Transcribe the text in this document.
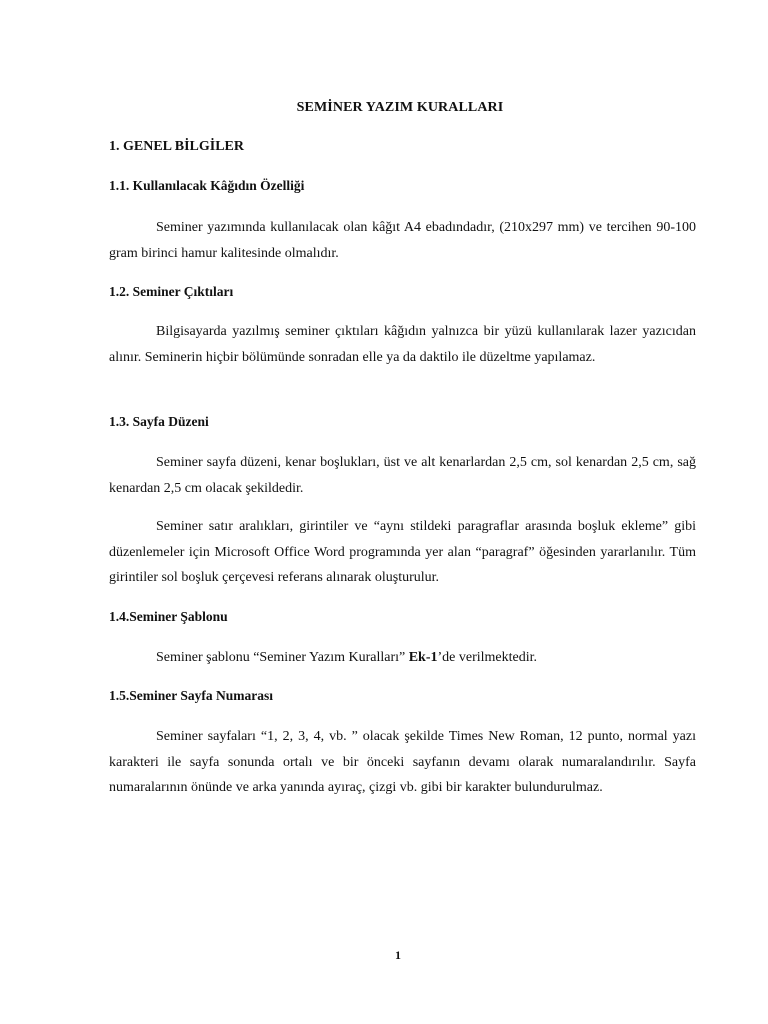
SEMİNER YAZIM KURALLARI
1. GENEL BİLGİLER
1.1. Kullanılacak Kâğıdın Özelliği
Seminer yazımında kullanılacak olan kâğıt A4 ebadındadır, (210x297 mm) ve tercihen 90-100 gram birinci hamur kalitesinde olmalıdır.
1.2. Seminer Çıktıları
Bilgisayarda yazılmış seminer çıktıları kâğıdın yalnızca bir yüzü kullanılarak lazer yazıcıdan alınır. Seminerin hiçbir bölümünde sonradan elle ya da daktilo ile düzeltme yapılamaz.
1.3. Sayfa Düzeni
Seminer sayfa düzeni, kenar boşlukları, üst ve alt kenarlardan 2,5 cm, sol kenardan 2,5 cm, sağ kenardan 2,5 cm olacak şekildedir.
Seminer satır aralıkları, girintiler ve “aynı stildeki paragraflar arasında boşluk ekleme” gibi düzenlemeler için Microsoft Office Word programında yer alan “paragraf” öğesinden yararlanılır. Tüm girintiler sol boşluk çerçevesi referans alınarak oluşturulur.
1.4.Seminer Şablonu
Seminer şablonu “Seminer Yazım Kuralları” Ek-1’de verilmektedir.
1.5.Seminer Sayfa Numarası
Seminer sayfaları “1, 2, 3, 4, vb. ” olacak şekilde Times New Roman, 12 punto, normal yazı karakteri ile sayfa sonunda ortalı ve bir önceki sayfanın devamı olarak numaralandırılır. Sayfa numaralarının önünde ve arka yanında ayıraç, çizgi vb. gibi bir karakter bulundurulmaz.
1
